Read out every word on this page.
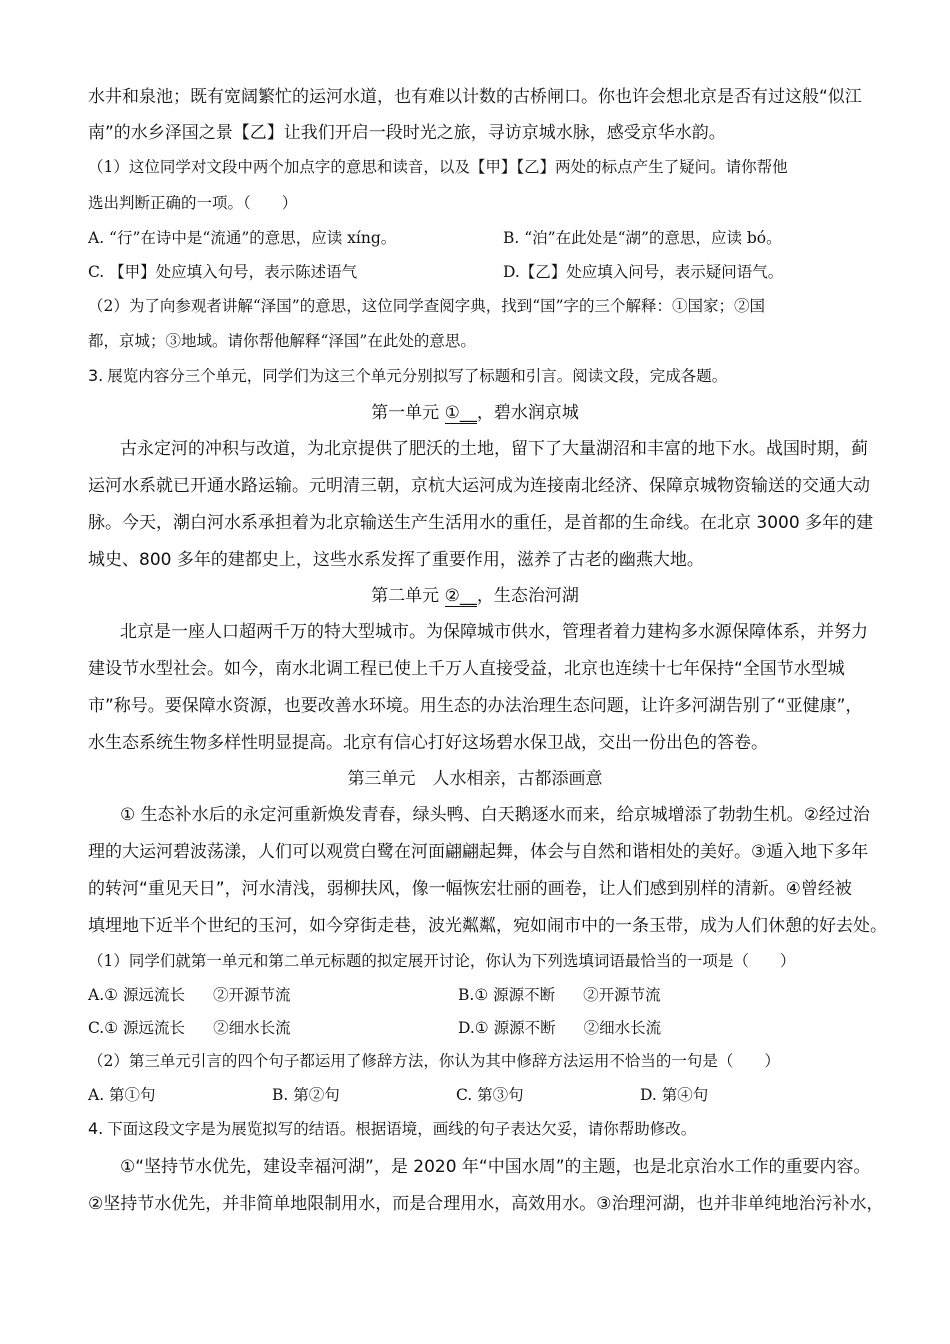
水井和泉池；既有宽阔繁忙的运河水道，也有难以计数的古桥闸口。你也许会想北京是否有过这般“似江
南”的水乡泽国之景【乙】让我们开启一段时光之旅，寻访京城水脉，感受京华水韵。
（1）这位同学对文段中两个加点字的意思和读音，以及【甲】【乙】两处的标点产生了疑问。请你帮他
选出判断正确的一项。（　　）
A. “行”在诗中是“流通”的意思，应读 xíng。	B. “泊”在此处是“湖”的意思，应读 bó。
C. 【甲】处应填入句号，表示陈述语气	D.【乙】处应填入问号，表示疑问语气。
（2）为了向参观者讲解“泽国”的意思，这位同学查阅字典，找到“国”字的三个解释：①国家；②国
都，京城；③地域。请你帮他解释“泽国”在此处的意思。
3. 展览内容分三个单元，同学们为这三个单元分别拟写了标题和引言。阅读文段，完成各题。
第一单元 ①__，碧水润京城
古永定河的冲积与改道，为北京提供了肥沃的土地，留下了大量湖沼和丰富的地下水。战国时期，蓟
运河水系就已开通水路运输。元明清三朝，京杭大运河成为连接南北经济、保障京城物资输送的交通大动
脉。今天，潮白河水系承担着为北京输送生产生活用水的重任，是首都的生命线。在北京 3000 多年的建
城史、800 多年的建都史上，这些水系发挥了重要作用，滋养了古老的幽燕大地。
第二单元 ②__，生态治河湖
北京是一座人口超两千万的特大型城市。为保障城市供水，管理者着力建构多水源保障体系，并努力
建设节水型社会。如今，南水北调工程已使上千万人直接受益，北京也连续十七年保持“全国节水型城
市”称号。要保障水资源，也要改善水环境。用生态的办法治理生态问题，让许多河湖告别了“亚健康”，
水生态系统生物多样性明显提高。北京有信心打好这场碧水保卫战，交出一份出色的答卷。
第三单元　人水相亲，古都添画意
① 生态补水后的永定河重新焕发青春，绿头鸭、白天鹅逐水而来，给京城增添了勃勃生机。②经过治
理的大运河碧波荡漾，人们可以观赏白鹭在河面翩翩起舞，体会与自然和谐相处的美好。③遁入地下多年
的转河“重见天日”，河水清浅，弱柳扶风，像一幅恢宏壮丽的画卷，让人们感到别样的清新。④曾经被
填埋地下近半个世纪的玉河，如今穿街走巷，波光粼粼，宛如闹市中的一条玉带，成为人们休憩的好去处。
（1）同学们就第一单元和第二单元标题的拟定展开讨论，你认为下列选填词语最恰当的一项是（　　）
A.① 源远流长 ②开源节流	B.① 源源不断 ②开源节流
C.① 源远流长 ②细水长流	D.① 源源不断 ②细水长流
（2）第三单元引言的四个句子都运用了修辞方法，你认为其中修辞方法运用不恰当的一句是（　　）
A. 第①句	B. 第②句	C. 第③句	D. 第④句
4. 下面这段文字是为展览拟写的结语。根据语境，画线的句子表达欠妥，请你帮助修改。
①“坚持节水优先，建设幸福河湖”，是 2020 年“中国水周”的主题，也是北京治水工作的重要内容。
②坚持节水优先，并非简单地限制用水，而是合理用水，高效用水。③治理河湖，也并非单纯地治污补水，
